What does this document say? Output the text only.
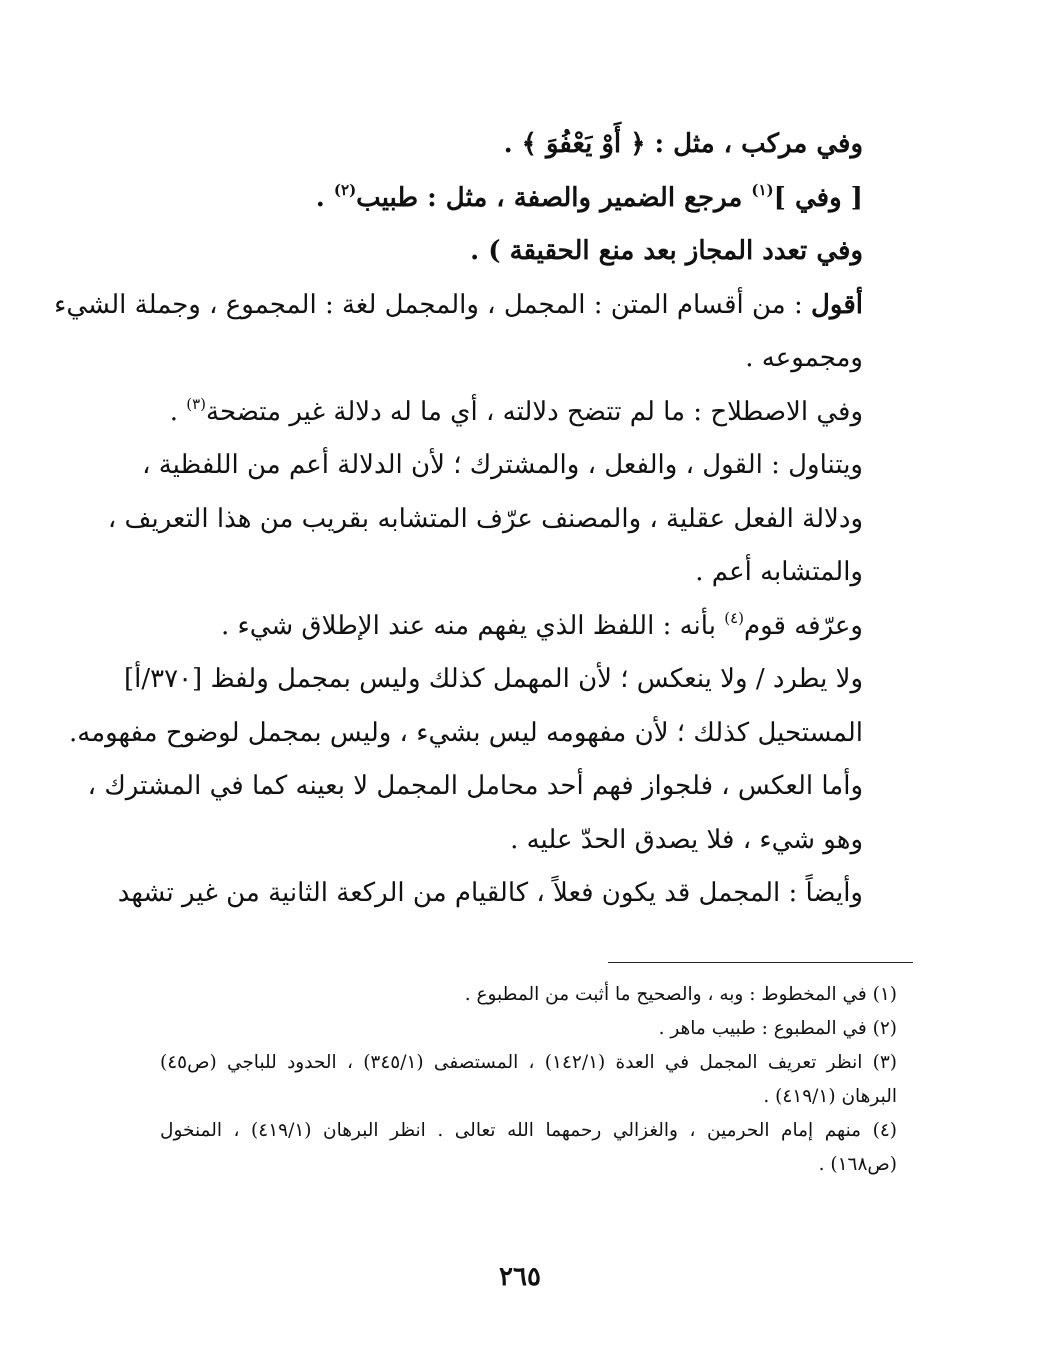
وفي مركب ، مثل : ﴿ أَوْ يَعْفُوَ ﴾ .
[ وفي ]$^{(١)}$ مرجع الضمير والصفة ، مثل : طبيب$^{(٢)}$ .
وفي تعدد المجاز بعد منع الحقيقة ) .
أقول : من أقسام المتن : المجمل ، والمجمل لغة : المجموع ، وجملة الشيء
ومجموعه .
وفي الاصطلاح : ما لم تتضح دلالته ، أي ما له دلالة غير متضحة$^{(٣)}$ .
ويتناول : القول ، والفعل ، والمشترك ؛ لأن الدلالة أعم من اللفظية ،
ودلالة الفعل عقلية ، والمصنف عرّف المتشابه بقريب من هذا التعريف ،
والمتشابه أعم .
وعرّفه قوم$^{(٤)}$ بأنه : اللفظ الذي يفهم منه عند الإطلاق شيء .
ولا يطرد / ولا ينعكس ؛ لأن المهمل كذلك وليس بمجمل ولفظ [٣٧٠/أ]
المستحيل كذلك ؛ لأن مفهومه ليس بشيء ، وليس بمجمل لوضوح مفهومه.
وأما العكس ، فلجواز فهم أحد محامل المجمل لا بعينه كما في المشترك ،
وهو شيء ، فلا يصدق الحدّ عليه .
وأيضاً : المجمل قد يكون فعلاً ، كالقيام من الركعة الثانية من غير تشهد
(١) في المخطوط : وبه ، والصحيح ما أثبت من المطبوع .
(٢) في المطبوع : طبيب ماهر .
(٣) انظر تعريف المجمل في العدة (١٤٢/١) ، المستصفى (٣٤٥/١) ، الحدود للباجي (ص٤٥)
البرهان (٤١٩/١) .
(٤) منهم إمام الحرمين ، والغزالي رحمهما الله تعالى . انظر البرهان (٤١٩/١) ، المنخول
(ص١٦٨) .
٢٦٥
